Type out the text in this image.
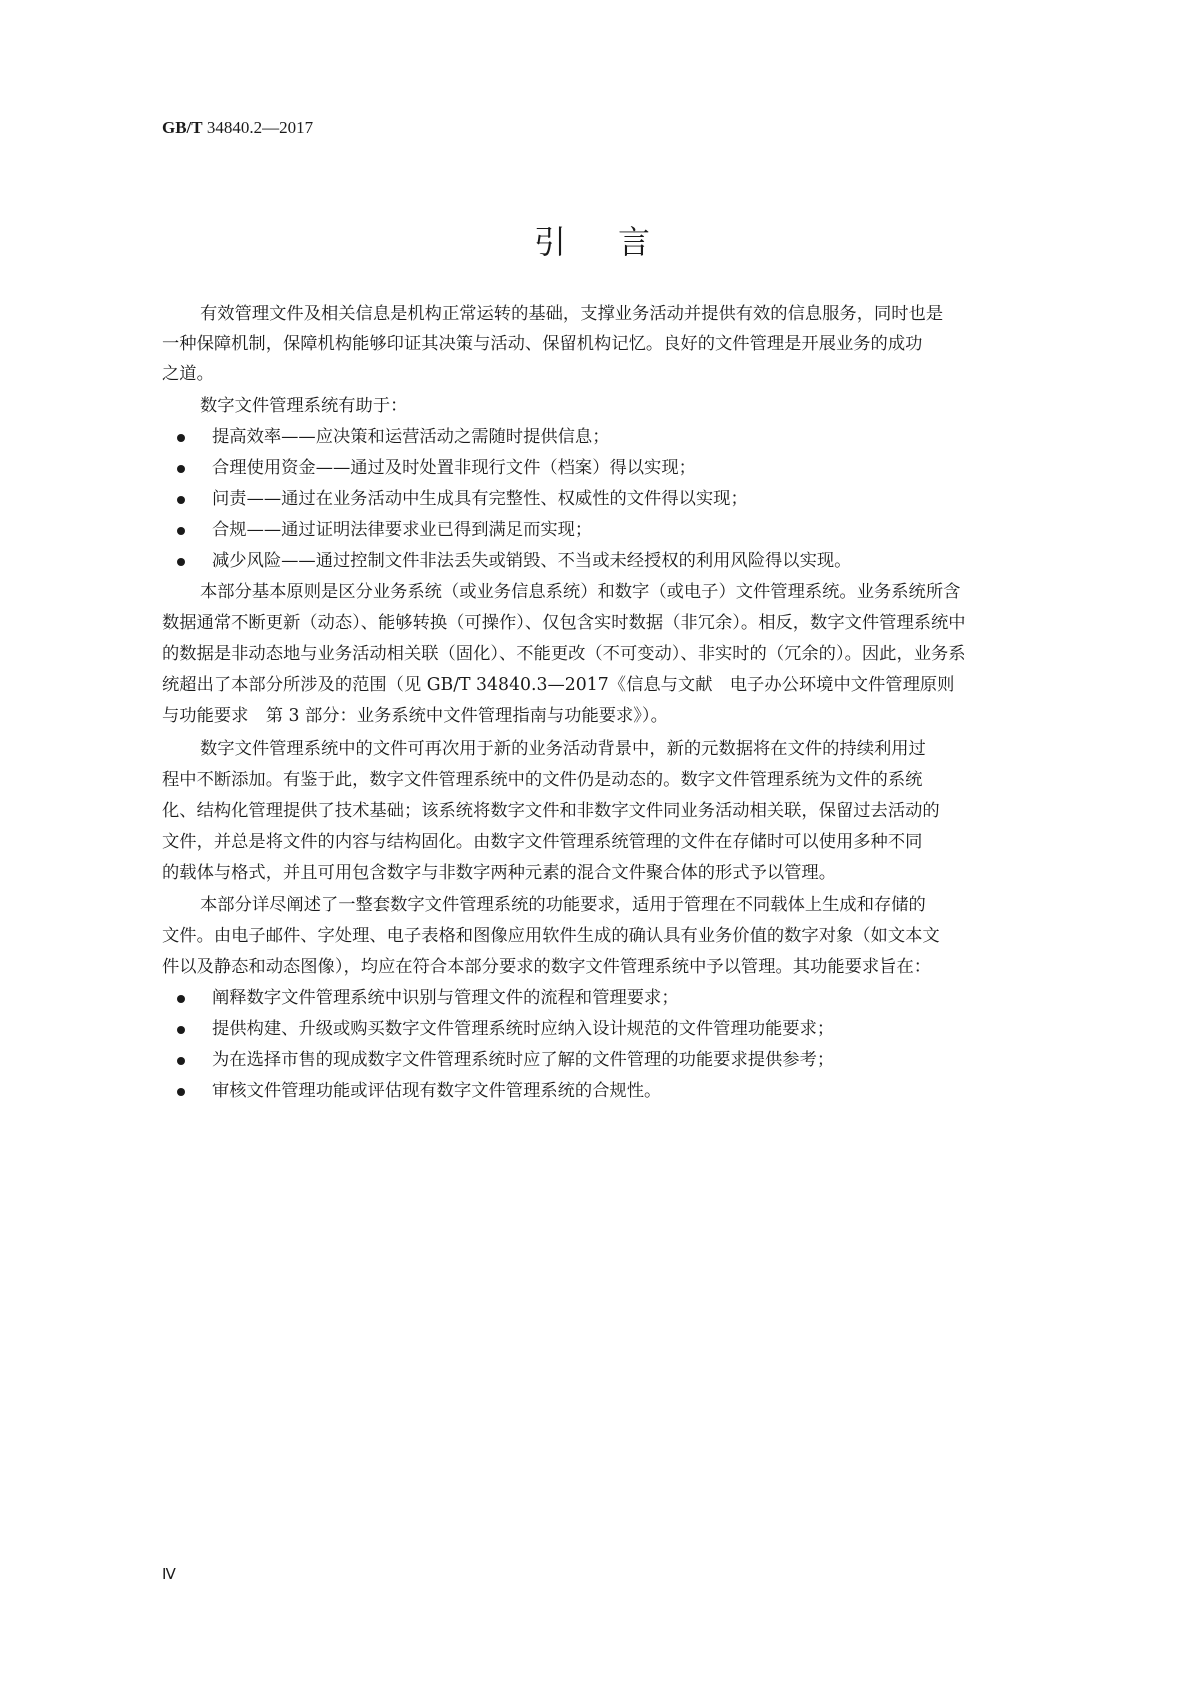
GB/T 34840.2—2017
引 言
有效管理文件及相关信息是机构正常运转的基础，支撑业务活动并提供有效的信息服务，同时也是
一种保障机制，保障机构能够印证其决策与活动、保留机构记忆。良好的文件管理是开展业务的成功
之道。
数字文件管理系统有助于：
提高效率——应决策和运营活动之需随时提供信息；
合理使用资金——通过及时处置非现行文件（档案）得以实现；
问责——通过在业务活动中生成具有完整性、权威性的文件得以实现；
合规——通过证明法律要求业已得到满足而实现；
减少风险——通过控制文件非法丢失或销毁、不当或未经授权的利用风险得以实现。
本部分基本原则是区分业务系统（或业务信息系统）和数字（或电子）文件管理系统。业务系统所含
数据通常不断更新（动态）、能够转换（可操作）、仅包含实时数据（非冗余）。相反，数字文件管理系统中
的数据是非动态地与业务活动相关联（固化）、不能更改（不可变动）、非实时的（冗余的）。因此，业务系
统超出了本部分所涉及的范围（见 GB/T 34840.3—2017《信息与文献　电子办公环境中文件管理原则
与功能要求　第 3 部分：业务系统中文件管理指南与功能要求》）。
数字文件管理系统中的文件可再次用于新的业务活动背景中，新的元数据将在文件的持续利用过
程中不断添加。有鉴于此，数字文件管理系统中的文件仍是动态的。数字文件管理系统为文件的系统
化、结构化管理提供了技术基础；该系统将数字文件和非数字文件同业务活动相关联，保留过去活动的
文件，并总是将文件的内容与结构固化。由数字文件管理系统管理的文件在存储时可以使用多种不同
的载体与格式，并且可用包含数字与非数字两种元素的混合文件聚合体的形式予以管理。
本部分详尽阐述了一整套数字文件管理系统的功能要求，适用于管理在不同载体上生成和存储的
文件。由电子邮件、字处理、电子表格和图像应用软件生成的确认具有业务价值的数字对象（如文本文
件以及静态和动态图像），均应在符合本部分要求的数字文件管理系统中予以管理。其功能要求旨在：
阐释数字文件管理系统中识别与管理文件的流程和管理要求；
提供构建、升级或购买数字文件管理系统时应纳入设计规范的文件管理功能要求；
为在选择市售的现成数字文件管理系统时应了解的文件管理的功能要求提供参考；
审核文件管理功能或评估现有数字文件管理系统的合规性。
Ⅳ
